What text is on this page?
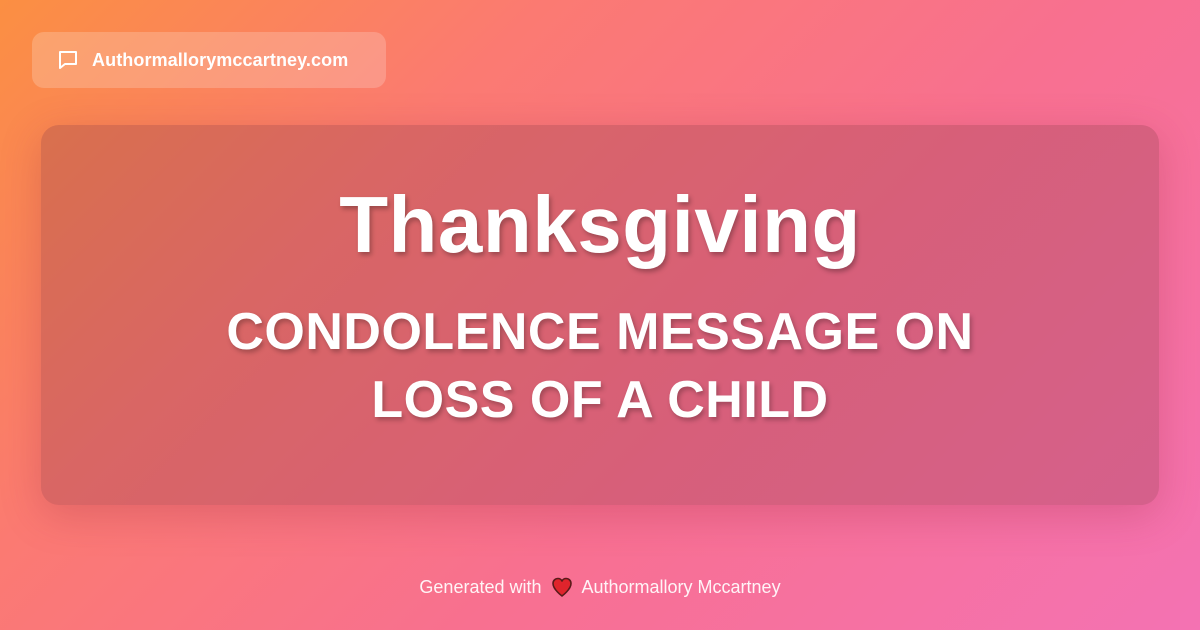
Authormallorymccartney.com
Thanksgiving
CONDOLENCE MESSAGE ON LOSS OF A CHILD
Generated with Authormallory Mccartney
